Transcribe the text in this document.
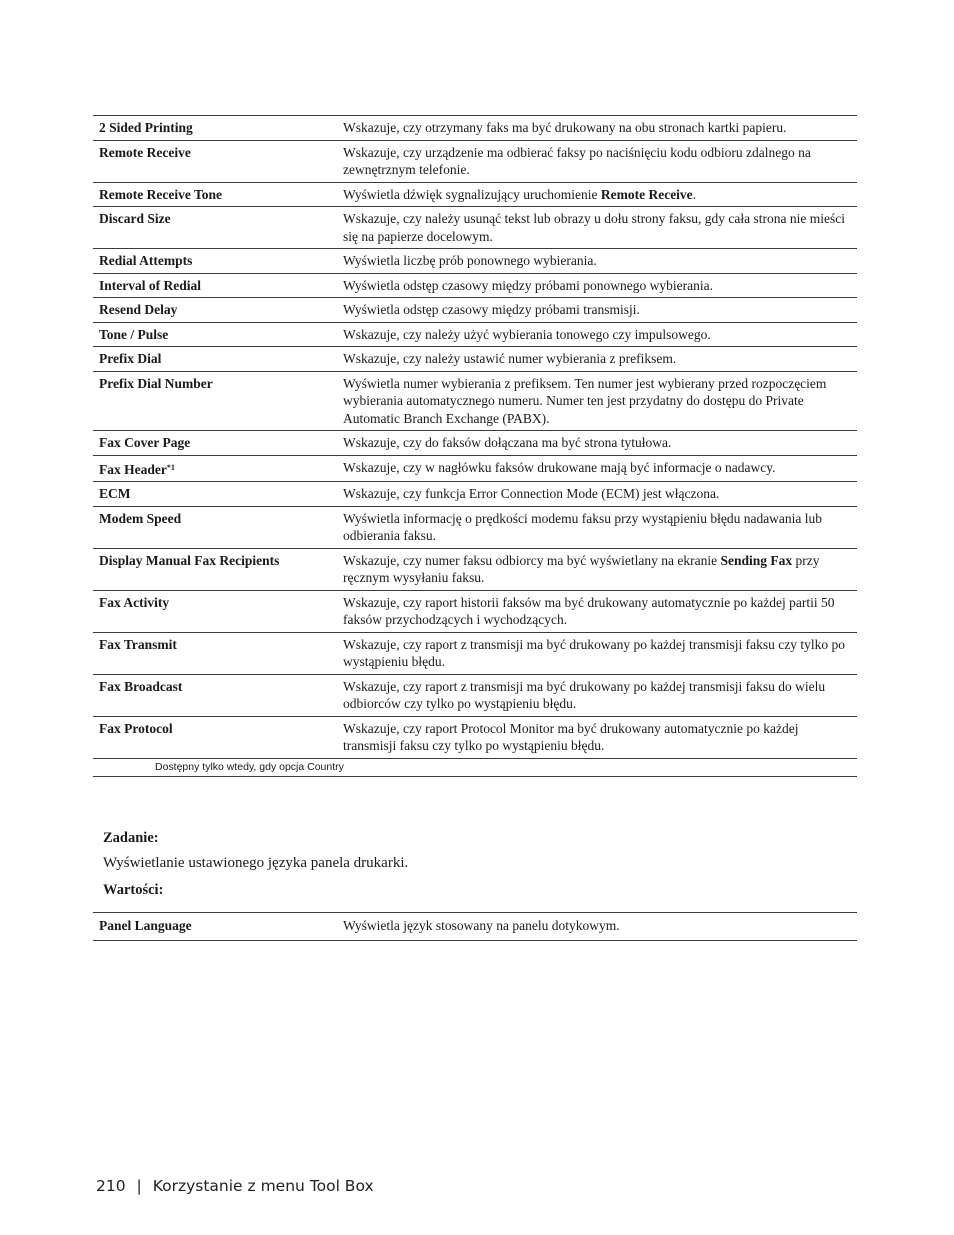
2 Sided Printing	Wskazuje, czy otrzymany faks ma być drukowany na obu stronach kartki papieru.
Remote Receive	Wskazuje, czy urządzenie ma odbierać faksy po naciśnięciu kodu odbioru zdalnego na zewnętrznym telefonie.
Remote Receive Tone	Wyświetla dźwięk sygnalizujący uruchomienie Remote Receive.
Discard Size	Wskazuje, czy należy usunąć tekst lub obrazy u dołu strony faksu, gdy cała strona nie mieści się na papierze docelowym.
Redial Attempts	Wyświetla liczbę prób ponownego wybierania.
Interval of Redial	Wyświetla odstęp czasowy między próbami ponownego wybierania.
Resend Delay	Wyświetla odstęp czasowy między próbami transmisji.
Tone / Pulse	Wskazuje, czy należy użyć wybierania tonowego czy impulsowego.
Prefix Dial	Wskazuje, czy należy ustawić numer wybierania z prefiksem.
Prefix Dial Number	Wyświetla numer wybierania z prefiksem. Ten numer jest wybierany przed rozpoczęciem wybierania automatycznego numeru. Numer ten jest przydatny do dostępu do Private Automatic Branch Exchange (PABX).
Fax Cover Page	Wskazuje, czy do faksów dołączana ma być strona tytułowa.
Fax Header$^{*1}$	Wskazuje, czy w nagłówku faksów drukowane mają być informacje o nadawcy.
ECM	Wskazuje, czy funkcja Error Connection Mode (ECM) jest włączona.
Modem Speed	Wyświetla informację o prędkości modemu faksu przy wystąpieniu błędu nadawania lub odbierania faksu.
Display Manual Fax Recipients	Wskazuje, czy numer faksu odbiorcy ma być wyświetlany na ekranie Sending Fax przy ręcznym wysyłaniu faksu.
Fax Activity	Wskazuje, czy raport historii faksów ma być drukowany automatycznie po każdej partii 50 faksów przychodzących i wychodzących.
Fax Transmit	Wskazuje, czy raport z transmisji ma być drukowany po każdej transmisji faksu czy tylko po wystąpieniu błędu.
Fax Broadcast	Wskazuje, czy raport z transmisji ma być drukowany po każdej transmisji faksu do wielu odbiorców czy tylko po wystąpieniu błędu.
Fax Protocol	Wskazuje, czy raport Protocol Monitor ma być drukowany automatycznie po każdej transmisji faksu czy tylko po wystąpieniu błędu.
Dostępny tylko wtedy, gdy opcja Country	
Zadanie:
Wyświetlanie ustawionego języka panela drukarki.
Wartości:
Panel Language	Wyświetla język stosowany na panelu dotykowym.
210 | Korzystanie z menu Tool Box
